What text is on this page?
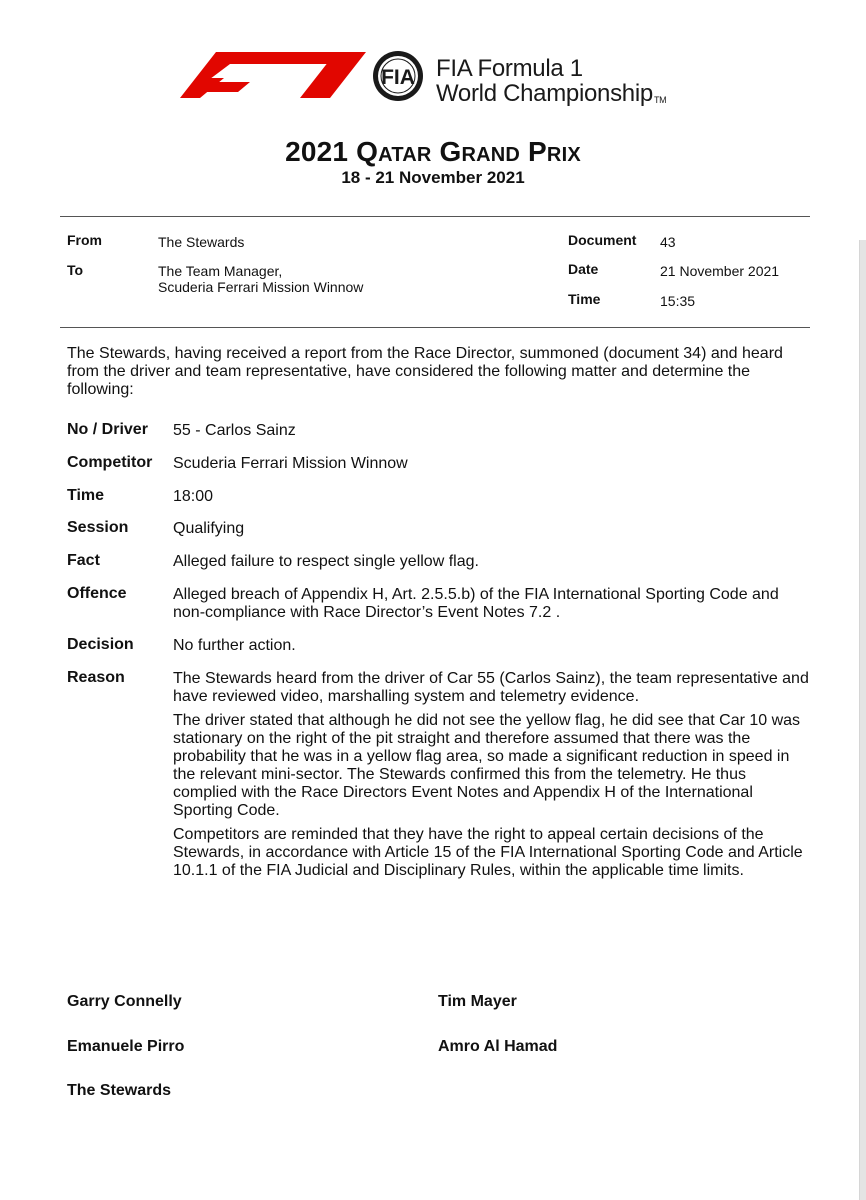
FIA FIA Formula 1
World ChampionshipTM
2021 Qatar Grand Prix
18 - 21 November 2021
From	The Stewards
To	The Team Manager,
Scuderia Ferrari Mission Winnow
Document 43
Date	21 November 2021
Time	15:35
The Stewards, having received a report from the Race Director, summoned (document 34) and heard from the driver and team representative, have considered the following matter and determine the following:
No / Driver 55 - Carlos Sainz
Competitor Scuderia Ferrari Mission Winnow
Time	18:00
Session	Qualifying
Fact	Alleged failure to respect single yellow flag.
Offence	Alleged breach of Appendix H, Art. 2.5.5.b) of the FIA International Sporting Code and non-compliance with Race Director’s Event Notes 7.2 .
Decision No further action.
Reason	The Stewards heard from the driver of Car 55 (Carlos Sainz), the team representative and have reviewed video, marshalling system and telemetry evidence.

The driver stated that although he did not see the yellow flag, he did see that Car 10 was stationary on the right of the pit straight and therefore assumed that there was the probability that he was in a yellow flag area, so made a significant reduction in speed in the relevant mini-sector. The Stewards confirmed this from the telemetry. He thus complied with the Race Directors Event Notes and Appendix H of the International Sporting Code.

Competitors are reminded that they have the right to appeal certain decisions of the Stewards, in accordance with Article 15 of the FIA International Sporting Code and Article 10.1.1 of the FIA Judicial and Disciplinary Rules, within the applicable time limits.

Garry Connelly	Tim Mayer
Emanuele Pirro	Amro Al Hamad
The Stewards
